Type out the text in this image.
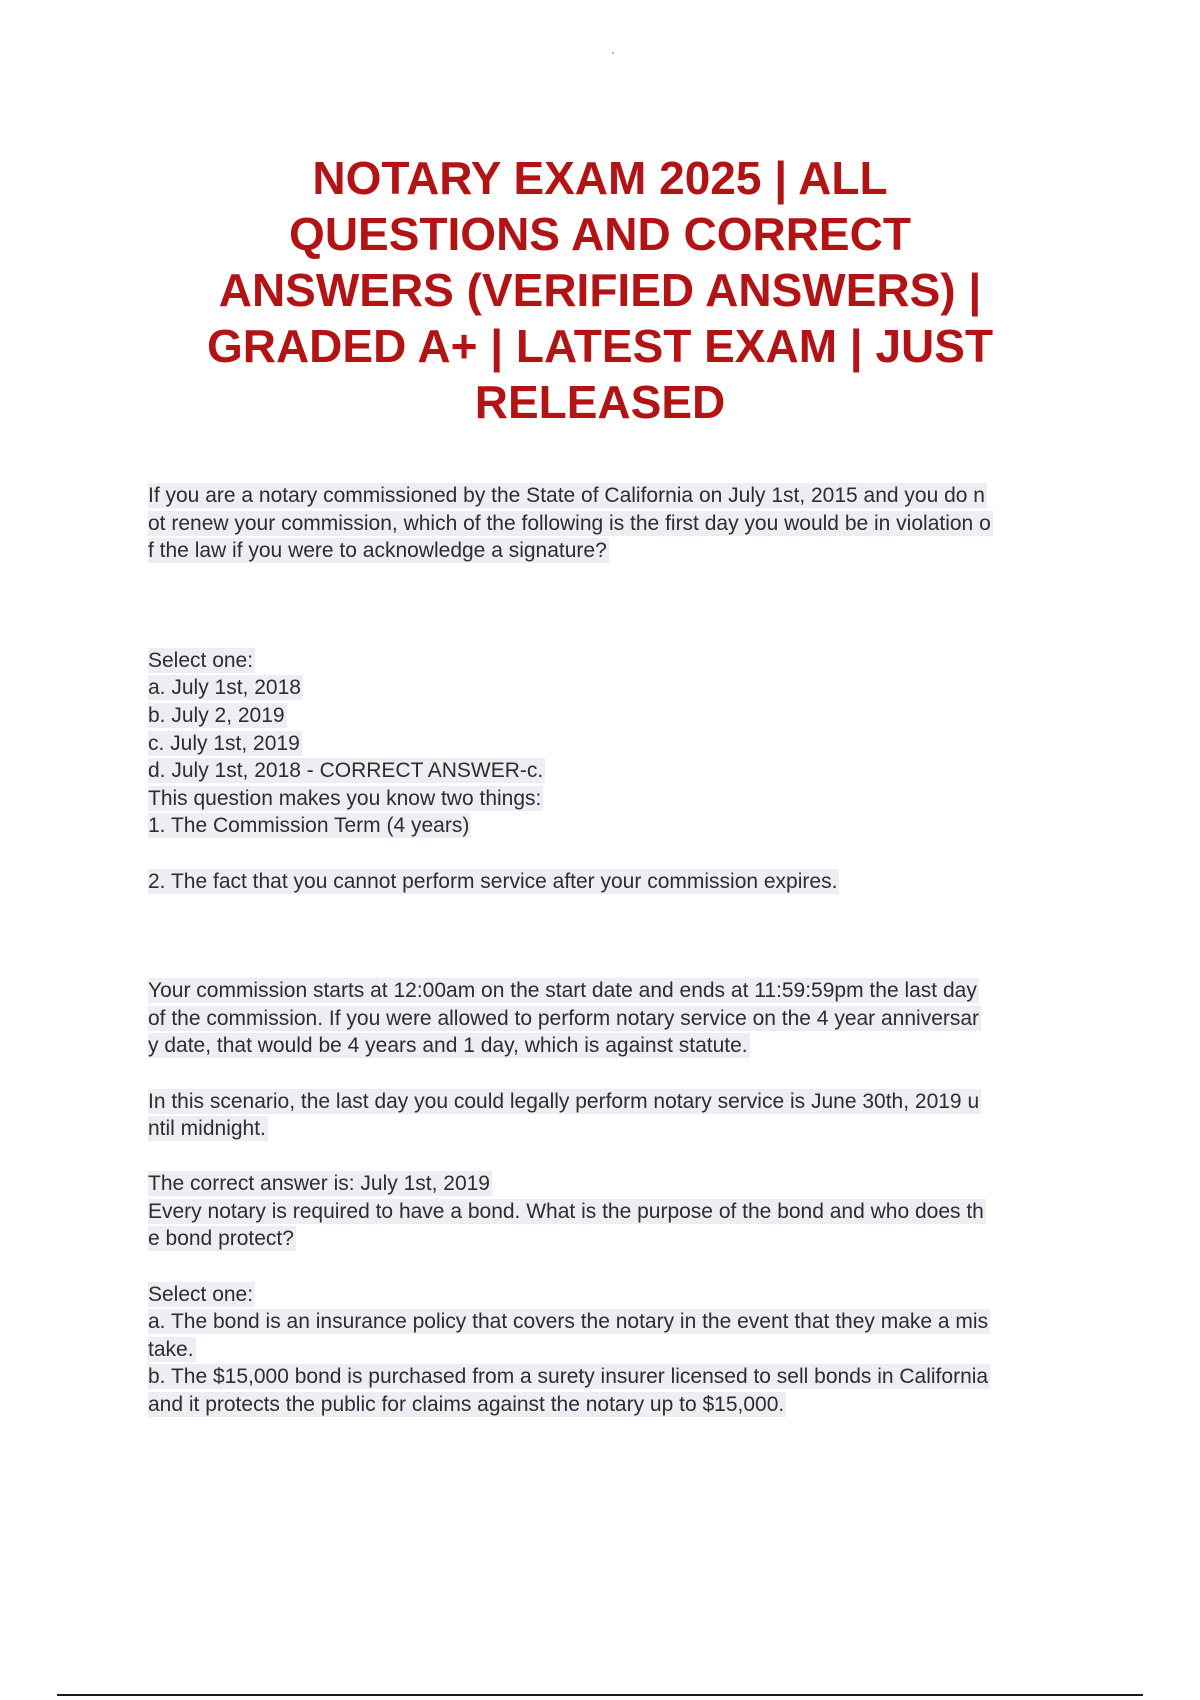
NOTARY EXAM 2025 | ALL
QUESTIONS AND CORRECT
ANSWERS (VERIFIED ANSWERS) |
GRADED A+ | LATEST EXAM | JUST
RELEASED
If you are a notary commissioned by the State of California on July 1st, 2015 and you do n
ot renew your commission, which of the following is the first day you would be in violation o
f the law if you were to acknowledge a signature?
Select one:
a. July 1st, 2018
b. July 2, 2019
c. July 1st, 2019
d. July 1st, 2018 - CORRECT ANSWER-c.
This question makes you know two things:
1. The Commission Term (4 years)
2. The fact that you cannot perform service after your commission expires.
Your commission starts at 12:00am on the start date and ends at 11:59:59pm the last day
of the commission. If you were allowed to perform notary service on the 4 year anniversar
y date, that would be 4 years and 1 day, which is against statute.
In this scenario, the last day you could legally perform notary service is June 30th, 2019 u
ntil midnight.
The correct answer is: July 1st, 2019
Every notary is required to have a bond. What is the purpose of the bond and who does th
e bond protect?
Select one:
a. The bond is an insurance policy that covers the notary in the event that they make a mis
take.
b. The $15,000 bond is purchased from a surety insurer licensed to sell bonds in California
and it protects the public for claims against the notary up to $15,000.
